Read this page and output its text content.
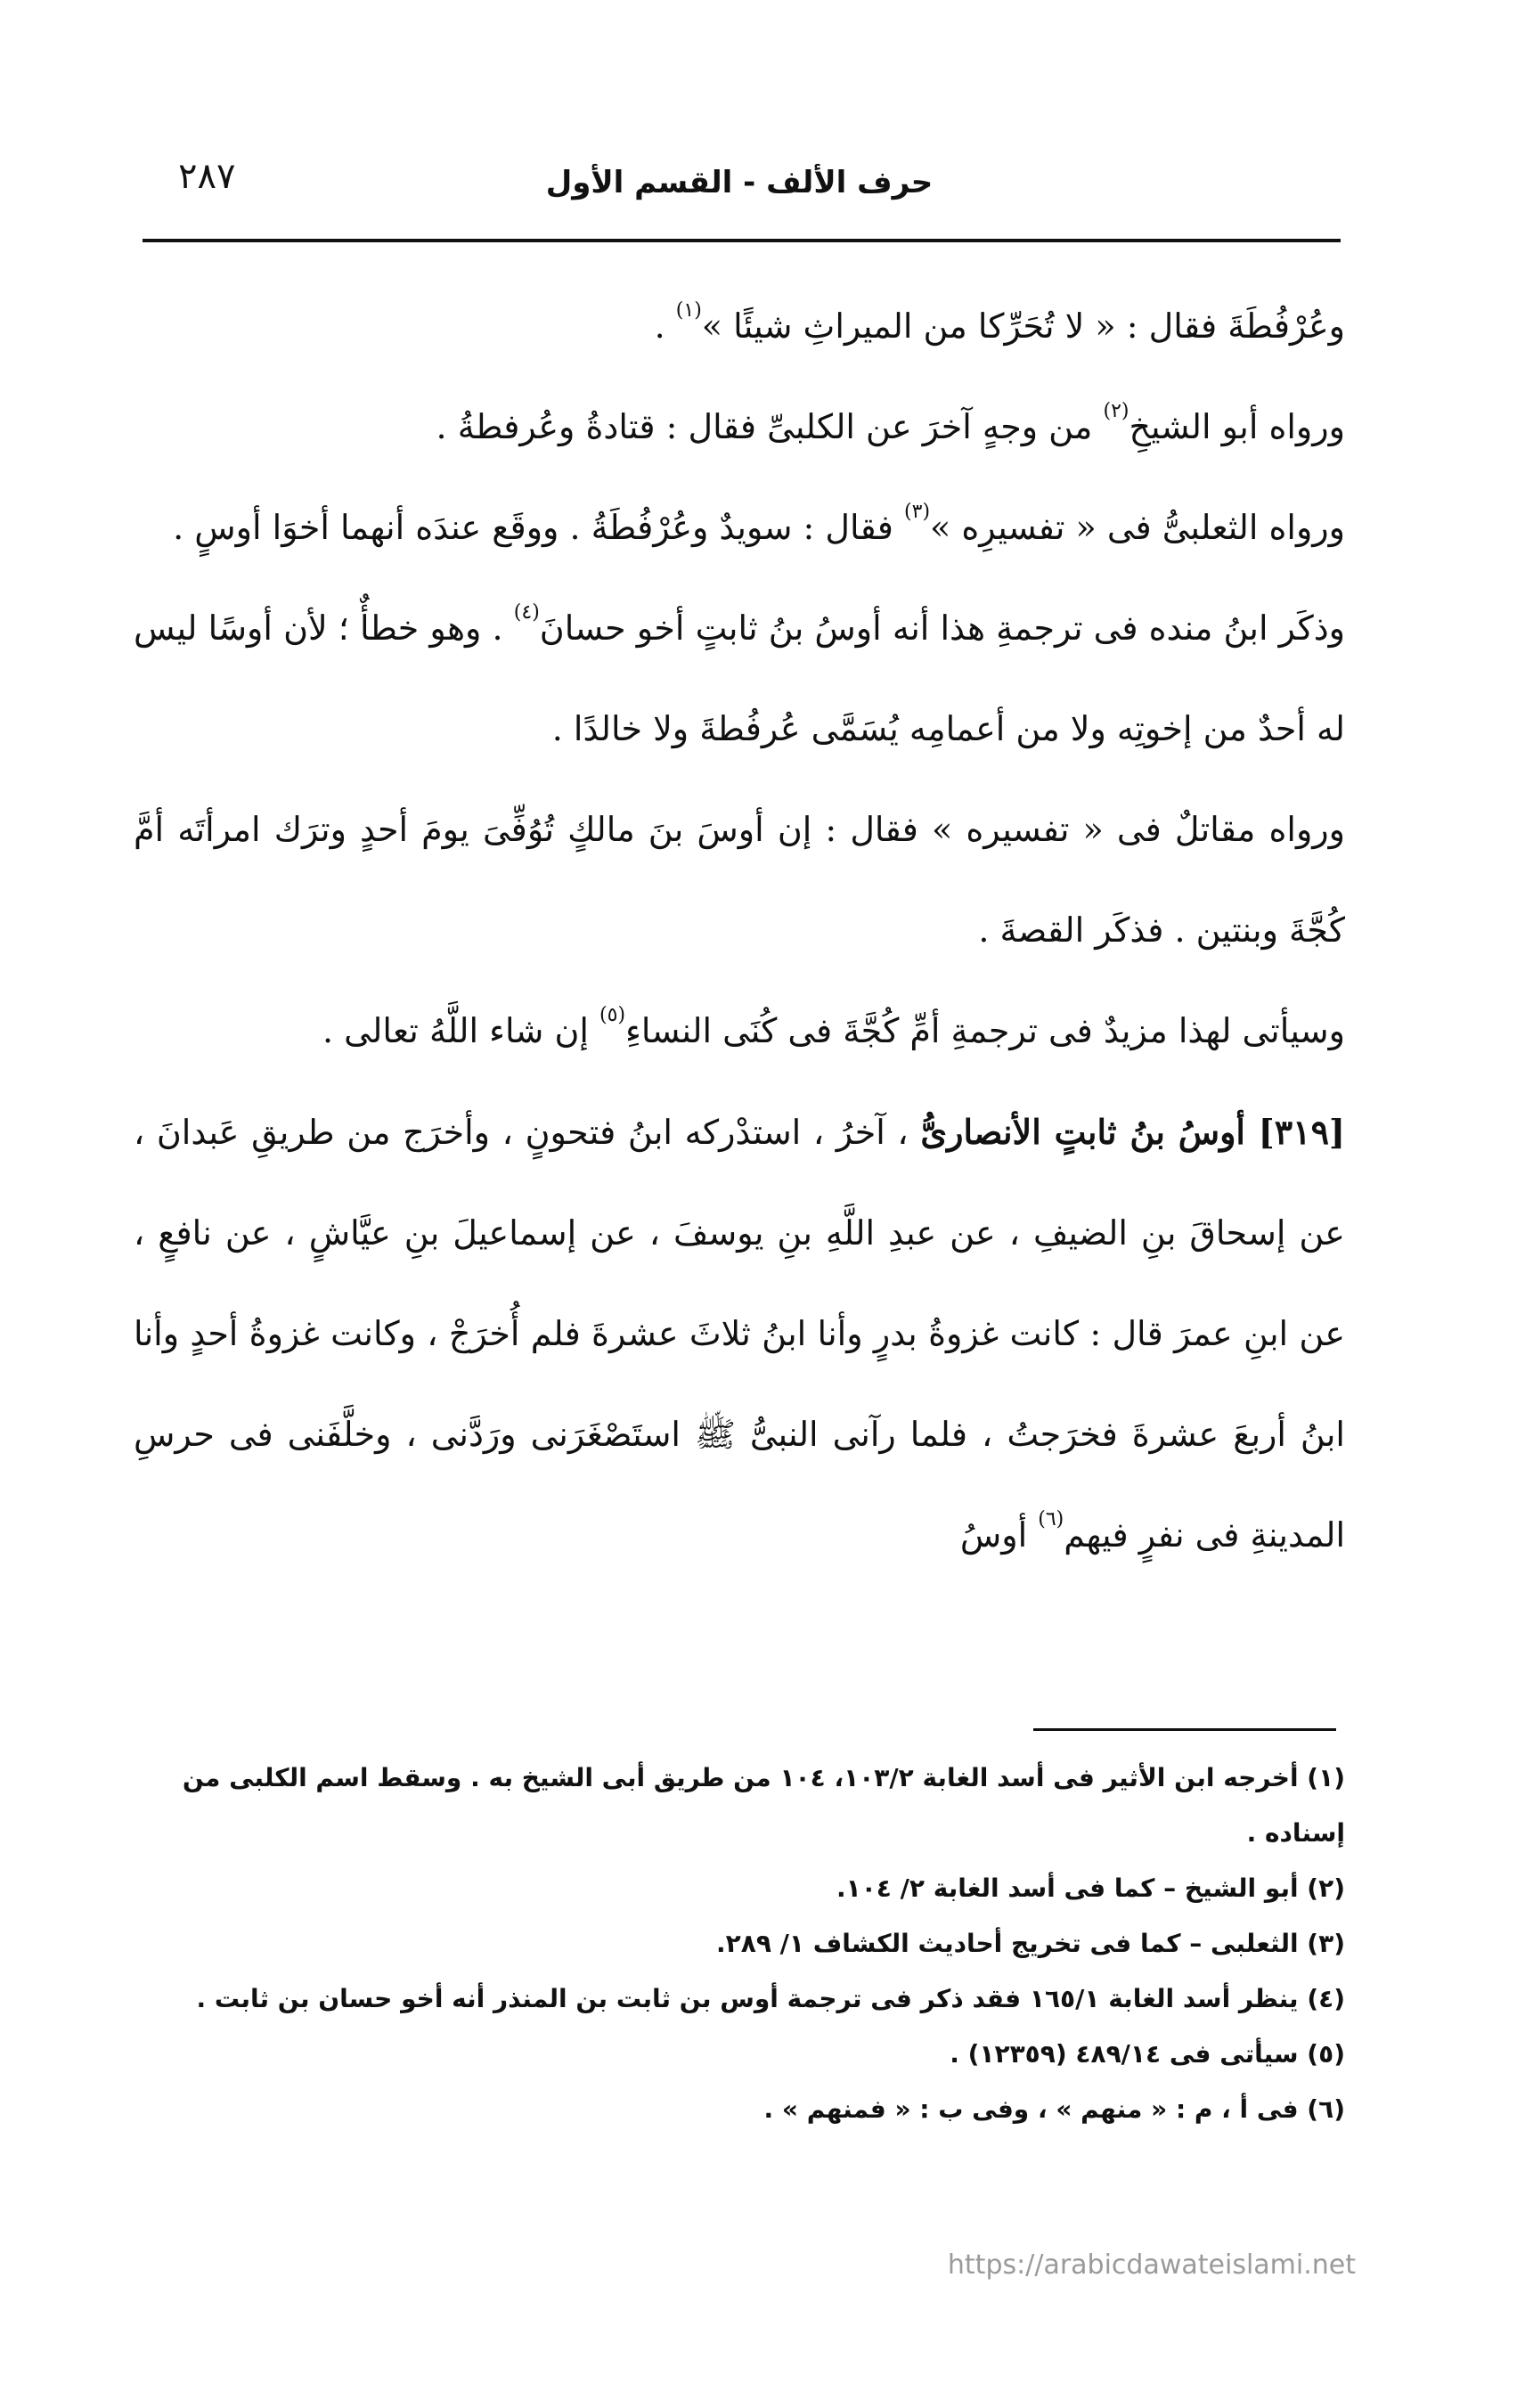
٢٨٧	حرف الألف - القسم الأول

وعُرْفُطَةَ فقال : « لا تُحَرِّكا من الميراثِ شيئًا »$^{(١)}$ .

ورواه أبو الشيخِ$^{(٢)}$ من وجهٍ آخرَ عن الكلبىِّ فقال : قتادةُ وعُرفطةُ .

ورواه الثعلبىُّ فى « تفسيرِه »$^{(٣)}$ فقال : سويدٌ وعُرْفُطَةُ . ووقَع عندَه أنهما أخوَا أوسٍ .

وذكَر ابنُ منده فى ترجمةِ هذا أنه أوسُ بنُ ثابتٍ أخو حسانَ$^{(٤)}$ . وهو خطأٌ ؛ لأن أوسًا ليس له أحدٌ من إخوتِه ولا من أعمامِه يُسَمَّى عُرفُطةَ ولا خالدًا .

ورواه مقاتلٌ فى « تفسيره » فقال : إن أوسَ بنَ مالكٍ تُوُفِّىَ يومَ أحدٍ وترَك امرأتَه أمَّ كُجَّةَ وبنتين . فذكَر القصةَ .

وسيأتى لهذا مزيدٌ فى ترجمةِ أمِّ كُجَّةَ فى كُنَى النساءِ$^{(٥)}$ إن شاء اللَّهُ تعالى .

[٣١٩] أوسُ بنُ ثابتٍ الأنصارىُّ ، آخرُ ، استدْركه ابنُ فتحونٍ ، وأخرَج من طريقِ عَبدانَ ، عن إسحاقَ بنِ الضيفِ ، عن عبدِ اللَّهِ بنِ يوسفَ ، عن إسماعيلَ بنِ عيَّاشٍ ، عن نافعٍ ، عن ابنِ عمرَ قال : كانت غزوةُ بدرٍ وأنا ابنُ ثلاثَ عشرةَ فلم أُخرَجْ ، وكانت غزوةُ أحدٍ وأنا ابنُ أربعَ عشرةَ فخرَجتُ ، فلما رآنى النبىُّ ﷺ استَصْغَرَنى ورَدَّنى ، وخلَّفَنى فى حرسِ المدينةِ فى نفرٍ فيهم$^{(٦)}$ أوسُ

(١) أخرجه ابن الأثير فى أسد الغابة ١٠٣/٢، ١٠٤ من طريق أبى الشيخ به . وسقط اسم الكلبى من إسناده .

(٢) أبو الشيخ – كما فى أسد الغابة ٢/ ١٠٤.

(٣) الثعلبى – كما فى تخريج أحاديث الكشاف ١/ ٢٨٩.

(٤) ينظر أسد الغابة ١٦٥/١ فقد ذكر فى ترجمة أوس بن ثابت بن المنذر أنه أخو حسان بن ثابت .

(٥) سيأتى فى ٤٨٩/١٤ (١٢٣٥٩) .

(٦) فى أ ، م : « منهم » ، وفى ب : « فمنهم » .

https://arabicdawateislami.net
